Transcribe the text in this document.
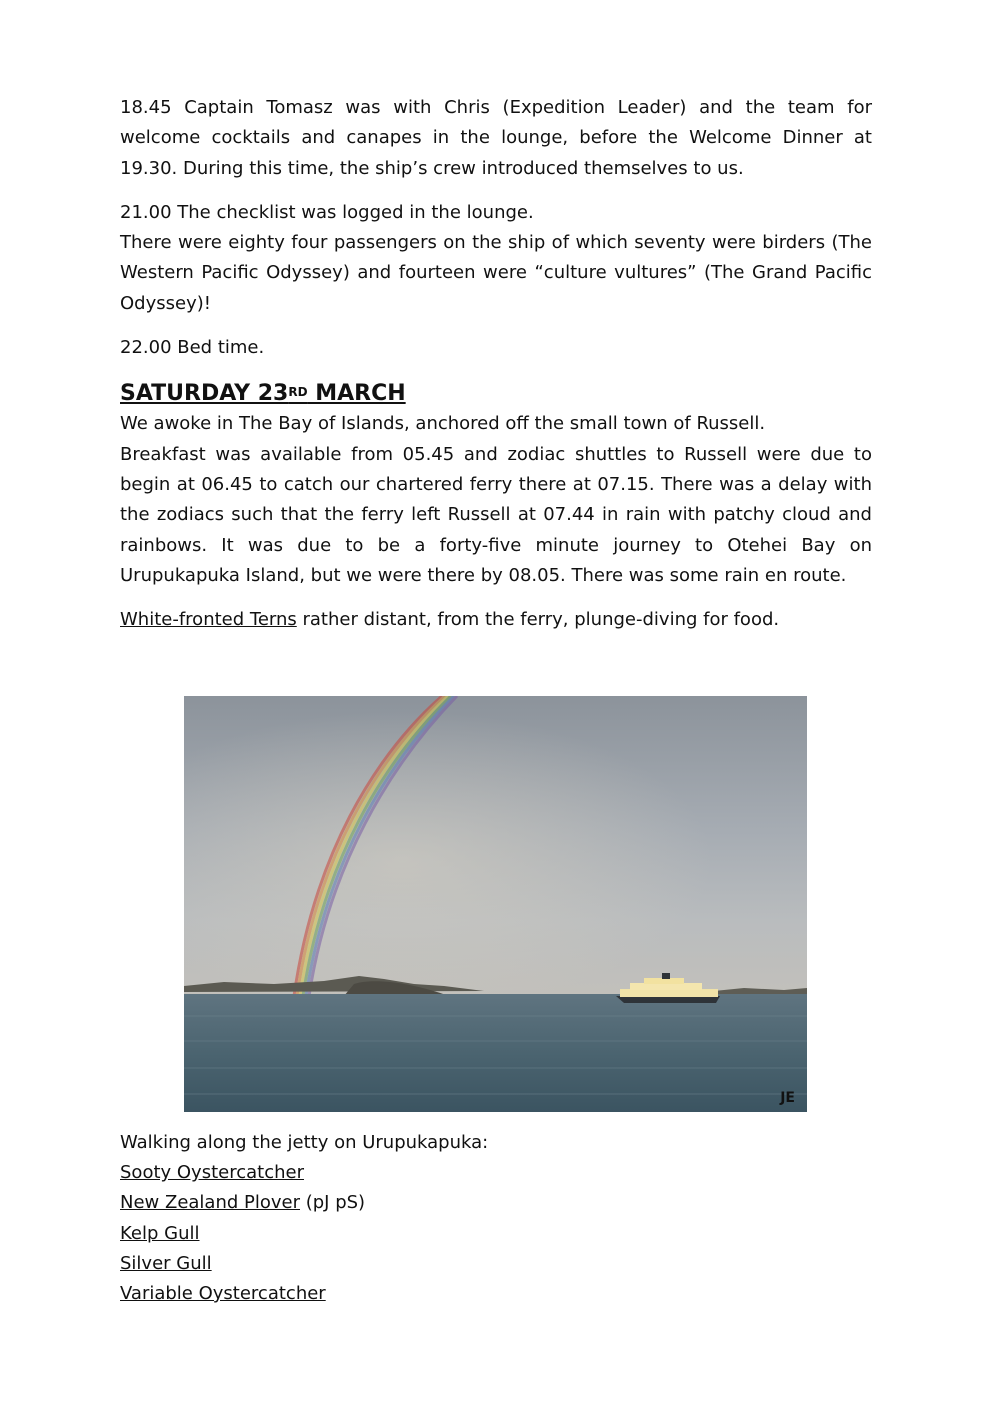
18.45 Captain Tomasz was with Chris (Expedition Leader) and the team for welcome cocktails and canapes in the lounge, before the Welcome Dinner at 19.30. During this time, the ship’s crew introduced themselves to us.

21.00 The checklist was logged in the lounge.
There were eighty four passengers on the ship of which seventy were birders (The Western Pacific Odyssey) and fourteen were “culture vultures” (The Grand Pacific Odyssey)!

22.00 Bed time.

SATURDAY 23RD MARCH

We awoke in The Bay of Islands, anchored off the small town of Russell.
Breakfast was available from 05.45 and zodiac shuttles to Russell were due to begin at 06.45 to catch our chartered ferry there at 07.15. There was a delay with the zodiacs such that the ferry left Russell at 07.44 in rain with patchy cloud and rainbows. It was due to be a forty-five minute journey to Otehei Bay on Urupukapuka Island, but we were there by 08.05. There was some rain en route.

White-fronted Terns rather distant, from the ferry, plunge-diving for food.

JE

Walking along the jetty on Urupukapuka:

Sooty Oystercatcher

New Zealand Plover (pJ pS)

Kelp Gull

Silver Gull

Variable Oystercatcher
